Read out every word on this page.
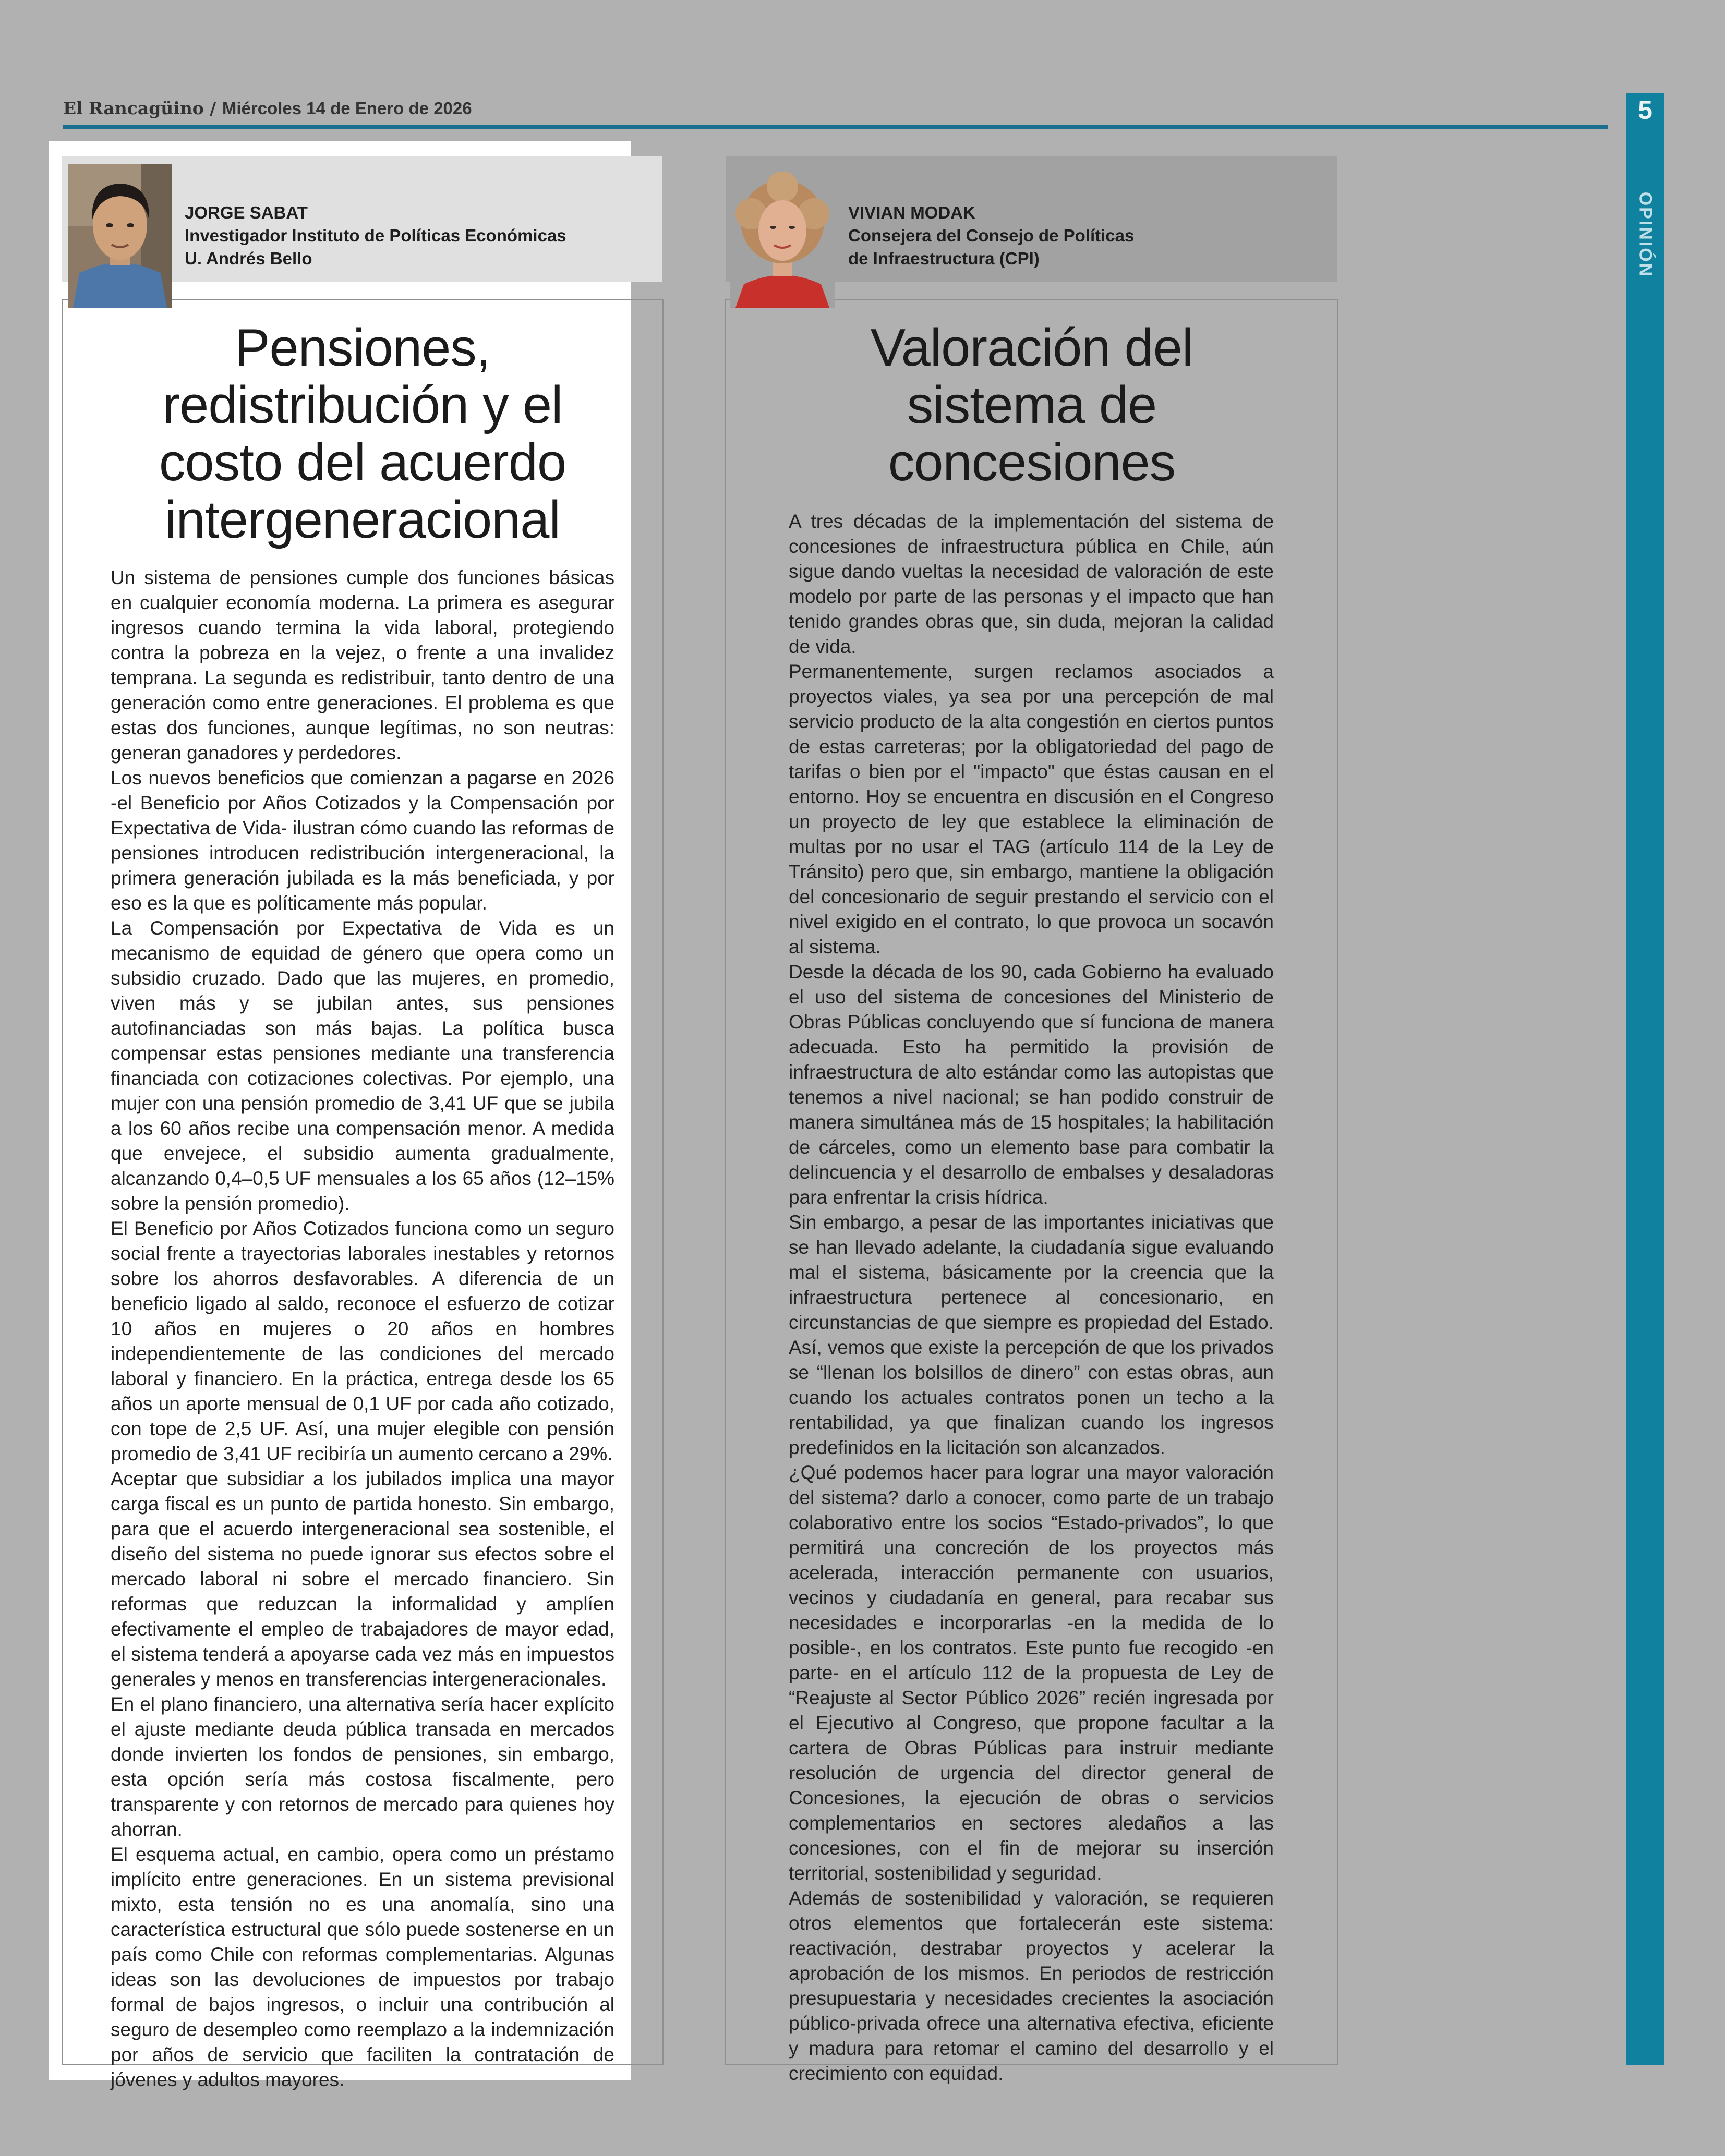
El Rancagüino / Miércoles 14 de Enero de 2026	5
OPINIÓN
JORGE SABAT
Investigador Instituto de Políticas Económicas
U. Andrés Bello
Pensiones,
redistribución y el
costo del acuerdo
intergeneracional

Un sistema de pensiones cumple dos funciones básicas en cualquier economía moderna. La primera es asegurar ingresos cuando termina la vida laboral, protegiendo contra la pobreza en la vejez, o frente a una invalidez temprana. La segunda es redistribuir, tanto dentro de una generación como entre generaciones. El problema es que estas dos funciones, aunque legítimas, no son neutras: generan ganadores y perdedores.

Los nuevos beneficios que comienzan a pagarse en 2026 -el Beneficio por Años Cotizados y la Compensación por Expectativa de Vida- ilustran cómo cuando las reformas de pensiones introducen redistribución intergeneracional, la primera generación jubilada es la más beneficiada, y por eso es la que es políticamente más popular.

La Compensación por Expectativa de Vida es un mecanismo de equidad de género que opera como un subsidio cruzado. Dado que las mujeres, en promedio, viven más y se jubilan antes, sus pensiones autofinanciadas son más bajas. La política busca compensar estas pensiones mediante una transferencia financiada con cotizaciones colectivas. Por ejemplo, una mujer con una pensión promedio de 3,41 UF que se jubila a los 60 años recibe una compensación menor. A medida que envejece, el subsidio aumenta gradualmente, alcanzando 0,4–0,5 UF mensuales a los 65 años (12–15% sobre la pensión promedio).

El Beneficio por Años Cotizados funciona como un seguro social frente a trayectorias laborales inestables y retornos sobre los ahorros desfavorables. A diferencia de un beneficio ligado al saldo, reconoce el esfuerzo de cotizar 10 años en mujeres o 20 años en hombres independientemente de las condiciones del mercado laboral y financiero. En la práctica, entrega desde los 65 años un aporte mensual de 0,1 UF por cada año cotizado, con tope de 2,5 UF. Así, una mujer elegible con pensión promedio de 3,41 UF recibiría un aumento cercano a 29%.

Aceptar que subsidiar a los jubilados implica una mayor carga fiscal es un punto de partida honesto. Sin embargo, para que el acuerdo intergeneracional sea sostenible, el diseño del sistema no puede ignorar sus efectos sobre el mercado laboral ni sobre el mercado financiero. Sin reformas que reduzcan la informalidad y amplíen efectivamente el empleo de trabajadores de mayor edad, el sistema tenderá a apoyarse cada vez más en impuestos generales y menos en transferencias intergeneracionales.

En el plano financiero, una alternativa sería hacer explícito el ajuste mediante deuda pública transada en mercados donde invierten los fondos de pensiones, sin embargo, esta opción sería más costosa fiscalmente, pero transparente y con retornos de mercado para quienes hoy ahorran.

El esquema actual, en cambio, opera como un préstamo implícito entre generaciones. En un sistema previsional mixto, esta tensión no es una anomalía, sino una característica estructural que sólo puede sostenerse en un país como Chile con reformas complementarias. Algunas ideas son las devoluciones de impuestos por trabajo formal de bajos ingresos, o incluir una contribución al seguro de desempleo como reemplazo a la indemnización por años de servicio que faciliten la contratación de jóvenes y adultos mayores.

VIVIAN MODAK
Consejera del Consejo de Políticas
de Infraestructura (CPI)
Valoración del
sistema de
concesiones

A tres décadas de la implementación del sistema de concesiones de infraestructura pública en Chile, aún sigue dando vueltas la necesidad de valoración de este modelo por parte de las personas y el impacto que han tenido grandes obras que, sin duda, mejoran la calidad de vida.

Permanentemente, surgen reclamos asociados a proyectos viales, ya sea por una percepción de mal servicio producto de la alta congestión en ciertos puntos de estas carreteras; por la obligatoriedad del pago de tarifas o bien por el "impacto" que éstas causan en el entorno. Hoy se encuentra en discusión en el Congreso un proyecto de ley que establece la eliminación de multas por no usar el TAG (artículo 114 de la Ley de Tránsito) pero que, sin embargo, mantiene la obligación del concesionario de seguir prestando el servicio con el nivel exigido en el contrato, lo que provoca un socavón al sistema.

Desde la década de los 90, cada Gobierno ha evaluado el uso del sistema de concesiones del Ministerio de Obras Públicas concluyendo que sí funciona de manera adecuada. Esto ha permitido la provisión de infraestructura de alto estándar como las autopistas que tenemos a nivel nacional; se han podido construir de manera simultánea más de 15 hospitales; la habilitación de cárceles, como un elemento base para combatir la delincuencia y el desarrollo de embalses y desaladoras para enfrentar la crisis hídrica.

Sin embargo, a pesar de las importantes iniciativas que se han llevado adelante, la ciudadanía sigue evaluando mal el sistema, básicamente por la creencia que la infraestructura pertenece al concesionario, en circunstancias de que siempre es propiedad del Estado. Así, vemos que existe la percepción de que los privados se “llenan los bolsillos de dinero” con estas obras, aun cuando los actuales contratos ponen un techo a la rentabilidad, ya que finalizan cuando los ingresos predefinidos en la licitación son alcanzados.

¿Qué podemos hacer para lograr una mayor valoración del sistema? darlo a conocer, como parte de un trabajo colaborativo entre los socios “Estado-privados”, lo que permitirá una concreción de los proyectos más acelerada, interacción permanente con usuarios, vecinos y ciudadanía en general, para recabar sus necesidades e incorporarlas -en la medida de lo posible-, en los contratos. Este punto fue recogido -en parte- en el artículo 112 de la propuesta de Ley de “Reajuste al Sector Público 2026” recién ingresada por el Ejecutivo al Congreso, que propone facultar a la cartera de Obras Públicas para instruir mediante resolución de urgencia del director general de Concesiones, la ejecución de obras o servicios complementarios en sectores aledaños a las concesiones, con el fin de mejorar su inserción territorial, sostenibilidad y seguridad.

Además de sostenibilidad y valoración, se requieren otros elementos que fortalecerán este sistema: reactivación, destrabar proyectos y acelerar la aprobación de los mismos. En periodos de restricción presupuestaria y necesidades crecientes la asociación público-privada ofrece una alternativa efectiva, eficiente y madura para retomar el camino del desarrollo y el crecimiento con equidad.
